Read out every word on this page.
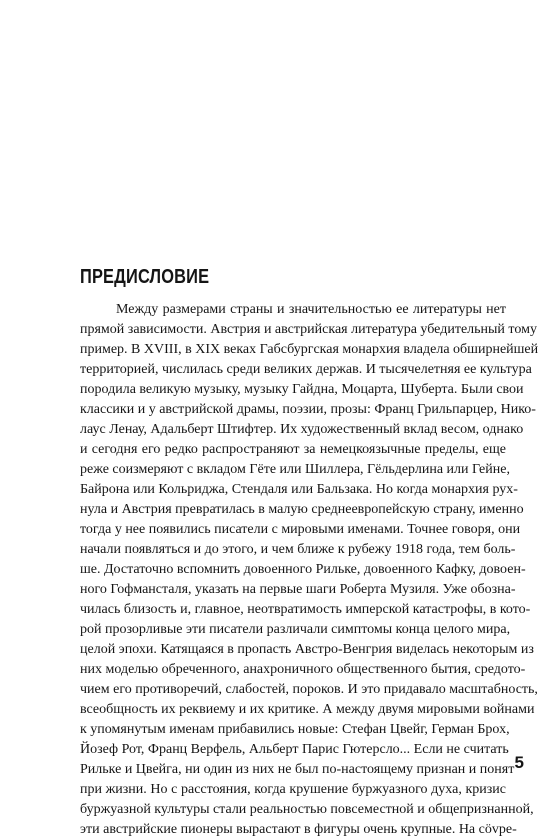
ПРЕДИСЛОВИЕ
Между размерами страны и значительностью ее литературы нет
прямой зависимости. Австрия и австрийская литература убедительный тому
пример. В XVIII, в XIX веках Габсбургская монархия владела обширнейшей
территорией, числилась среди великих держав. И тысячелетняя ее культура
породила великую музыку, музыку Гайдна, Моцарта, Шуберта. Были свои
классики и у австрийской драмы, поэзии, прозы: Франц Грильпарцер, Нико-
лаус Ленау, Адальберт Штифтер. Их художественный вклад весом, однако
и сегодня его редко распространяют за немецкоязычные пределы, еще
реже соизмеряют с вкладом Гёте или Шиллера, Гёльдерлина или Гейне,
Байрона или Кольриджа, Стендаля или Бальзака. Но когда монархия рух-
нула и Австрия превратилась в малую среднеевропейскую страну, именно
тогда у нее появились писатели с мировыми именами. Точнее говоря, они
начали появляться и до этого, и чем ближе к рубежу 1918 года, тем боль-
ше. Достаточно вспомнить довоенного Рильке, довоенного Кафку, довоен-
ного Гофмансталя, указать на первые шаги Роберта Музиля. Уже обозна-
чилась близость и, главное, неотвратимость имперской катастрофы, в кото-
рой прозорливые эти писатели различали симптомы конца целого мира,
целой эпохи. Катящаяся в пропасть Австро-Венгрия виделась некоторым из
них моделью обреченного, анахроничного общественного бытия, средото-
чием его противоречий, слабостей, пороков. И это придавало масштабность,
всеобщность их реквиему и их критике. А между двумя мировыми войнами
к упомянутым именам прибавились новые: Стефан Цвейг, Герман Брох,
Йозеф Рот, Франц Верфель, Альберт Парис Гютерсло... Если не считать
Рильке и Цвейга, ни один из них не был по-настоящему признан и понят
при жизни. Но с расстояния, когда крушение буржуазного духа, кризис
буржуазной культуры стали реальностью повсеместной и общепризнанной,
эти австрийские пионеры вырастают в фигуры очень крупные. На сövре-
5
